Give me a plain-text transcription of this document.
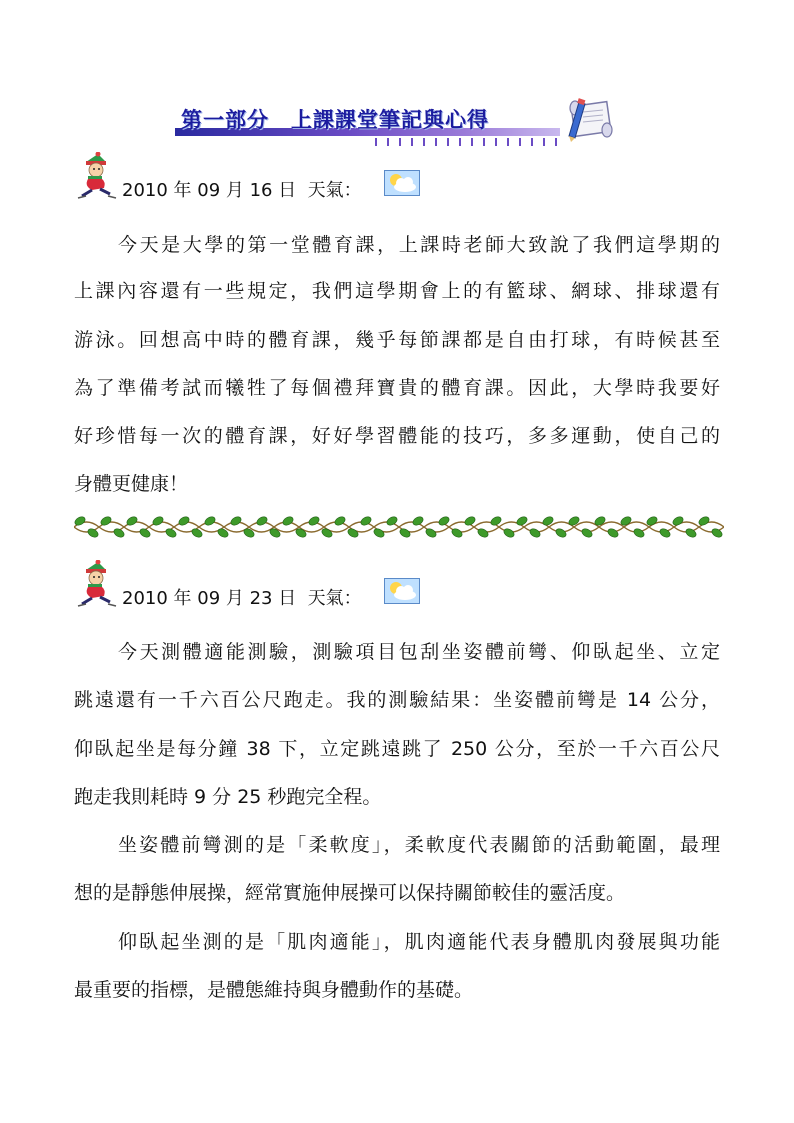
第一部分　上課課堂筆記與心得
2010 年 09 月 16 日  天氣：
今天是大學的第一堂體育課，上課時老師大致說了我們這學期的
上課內容還有一些規定，我們這學期會上的有籃球、網球、排球還有
游泳。回想高中時的體育課，幾乎每節課都是自由打球，有時候甚至
為了準備考試而犧牲了每個禮拜寶貴的體育課。因此，大學時我要好
好珍惜每一次的體育課，好好學習體能的技巧，多多運動，使自己的
身體更健康！
2010 年 09 月 23 日  天氣：
今天測體適能測驗，測驗項目包刮坐姿體前彎、仰臥起坐、立定
跳遠還有一千六百公尺跑走。我的測驗結果：坐姿體前彎是 14 公分，
仰臥起坐是每分鐘 38 下，立定跳遠跳了 250 公分，至於一千六百公尺
跑走我則耗時 9 分 25 秒跑完全程。
坐姿體前彎測的是「柔軟度」，柔軟度代表關節的活動範圍，最理
想的是靜態伸展操，經常實施伸展操可以保持關節較佳的靈活度。
仰臥起坐測的是「肌肉適能」，肌肉適能代表身體肌肉發展與功能
最重要的指標，是體態維持與身體動作的基礎。
